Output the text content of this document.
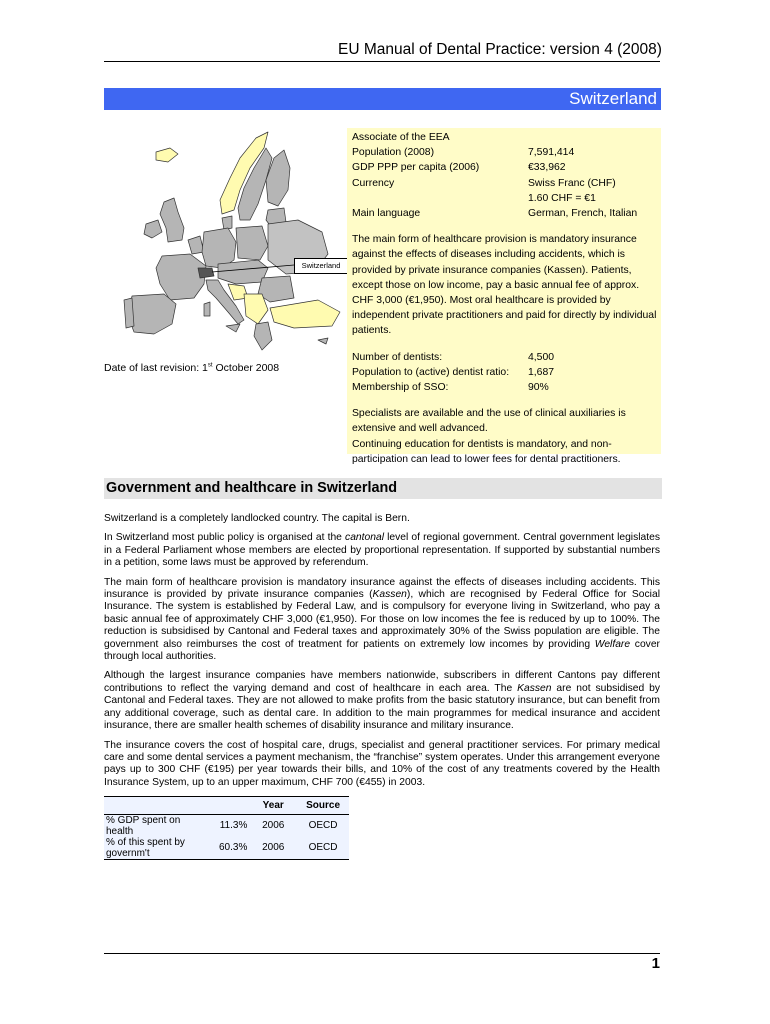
EU Manual of Dental Practice: version 4 (2008)
Switzerland
Switzerland
Date of last revision: 1st October 2008

Associate of the EEA

Population (2008)	7,591,414
GDP PPP per capita (2006)	€33,962
Currency	Swiss Franc (CHF)
1.60 CHF = €1
Main language	German, French, Italian

The main form of healthcare provision is mandatory insurance against the effects of diseases including accidents, which is provided by private insurance companies (Kassen). Patients, except those on low income, pay a basic annual fee of approx. CHF 3,000 (€1,950). Most oral healthcare is provided by independent private practitioners and paid for directly by individual patients.

Number of dentists:	4,500
Population to (active) dentist ratio:	1,687
Membership of SSO:	90%

Specialists are available and the use of clinical auxiliaries is extensive and well advanced.

Continuing education for dentists is mandatory, and non-participation can lead to lower fees for dental practitioners.

Government and healthcare in Switzerland

Switzerland is a completely landlocked country. The capital is Bern.

In Switzerland most public policy is organised at the cantonal level of regional government. Central government legislates in a Federal Parliament whose members are elected by proportional representation. If supported by substantial numbers in a petition, some laws must be approved by referendum.

The main form of healthcare provision is mandatory insurance against the effects of diseases including accidents. This insurance is provided by private insurance companies (Kassen), which are recognised by Federal Office for Social Insurance. The system is established by Federal Law, and is compulsory for everyone living in Switzerland, who pay a basic annual fee of approximately CHF 3,000 (€1,950). For those on low incomes the fee is reduced by up to 100%. The reduction is subsidised by Cantonal and Federal taxes and approximately 30% of the Swiss population are eligible. The government also reimburses the cost of treatment for patients on extremely low incomes by providing Welfare cover through local authorities.

Although the largest insurance companies have members nationwide, subscribers in different Cantons pay different contributions to reflect the varying demand and cost of healthcare in each area. The Kassen are not subsidised by Cantonal and Federal taxes. They are not allowed to make profits from the basic statutory insurance, but can benefit from any additional coverage, such as dental care. In addition to the main programmes for medical insurance and accident insurance, there are smaller health schemes of disability insurance and military insurance.

The insurance covers the cost of hospital care, drugs, specialist and general practitioner services. For primary medical care and some dental services a payment mechanism, the “franchise” system operates. Under this arrangement everyone pays up to 300 CHF (€195) per year towards their bills, and 10% of the cost of any treatments covered by the Health Insurance System, up to an upper maximum, CHF 700 (€455) in 2003.

		Year	Source
% GDP spent on health	11.3%	2006	OECD
% of this spent by governm't	60.3%	2006	OECD
1
